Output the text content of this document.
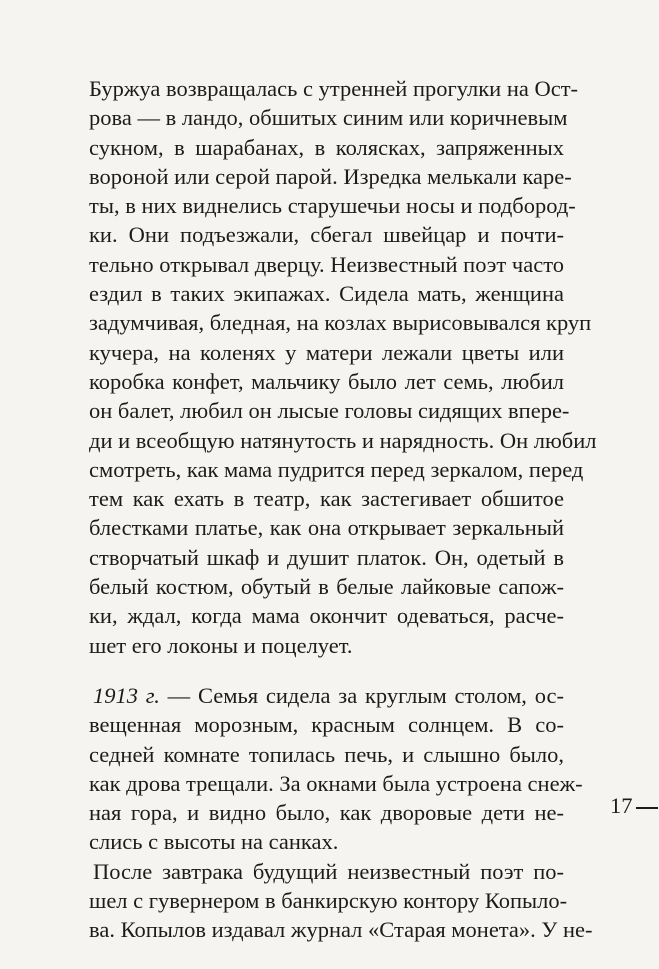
Буржуа возвращалась с утренней прогулки на Ост-
рова — в ландо, обшитых синим или коричневым
сукном, в шарабанах, в колясках, запряженных
вороной или серой парой. Изредка мелькали каре-
ты, в них виднелись старушечьи носы и подбород-
ки. Они подъезжали, сбегал швейцар и почти-
тельно открывал дверцу. Неизвестный поэт часто
ездил в таких экипажах. Сидела мать, женщина
задумчивая, бледная, на козлах вырисовывался круп
кучера, на коленях у матери лежали цветы или
коробка конфет, мальчику было лет семь, любил
он балет, любил он лысые головы сидящих впере-
ди и всеобщую натянутость и нарядность. Он любил
смотреть, как мама пудрится перед зеркалом, перед
тем как ехать в театр, как застегивает обшитое
блестками платье, как она открывает зеркальный
створчатый шкаф и душит платок. Он, одетый в
белый костюм, обутый в белые лайковые сапож-
ки, ждал, когда мама окончит одеваться, расче-
шет его локоны и поцелует.
1913 г. — Семья сидела за круглым столом, ос-
вещенная морозным, красным солнцем. В со-
седней комнате топилась печь, и слышно было,
как дрова трещали. За окнами была устроена снеж-
ная гора, и видно было, как дворовые дети не-
слись с высоты на санках.
После завтрака будущий неизвестный поэт по-
шел с гувернером в банкирскую контору Копыло-
ва. Копылов издавал журнал «Старая монета». У не-
17
